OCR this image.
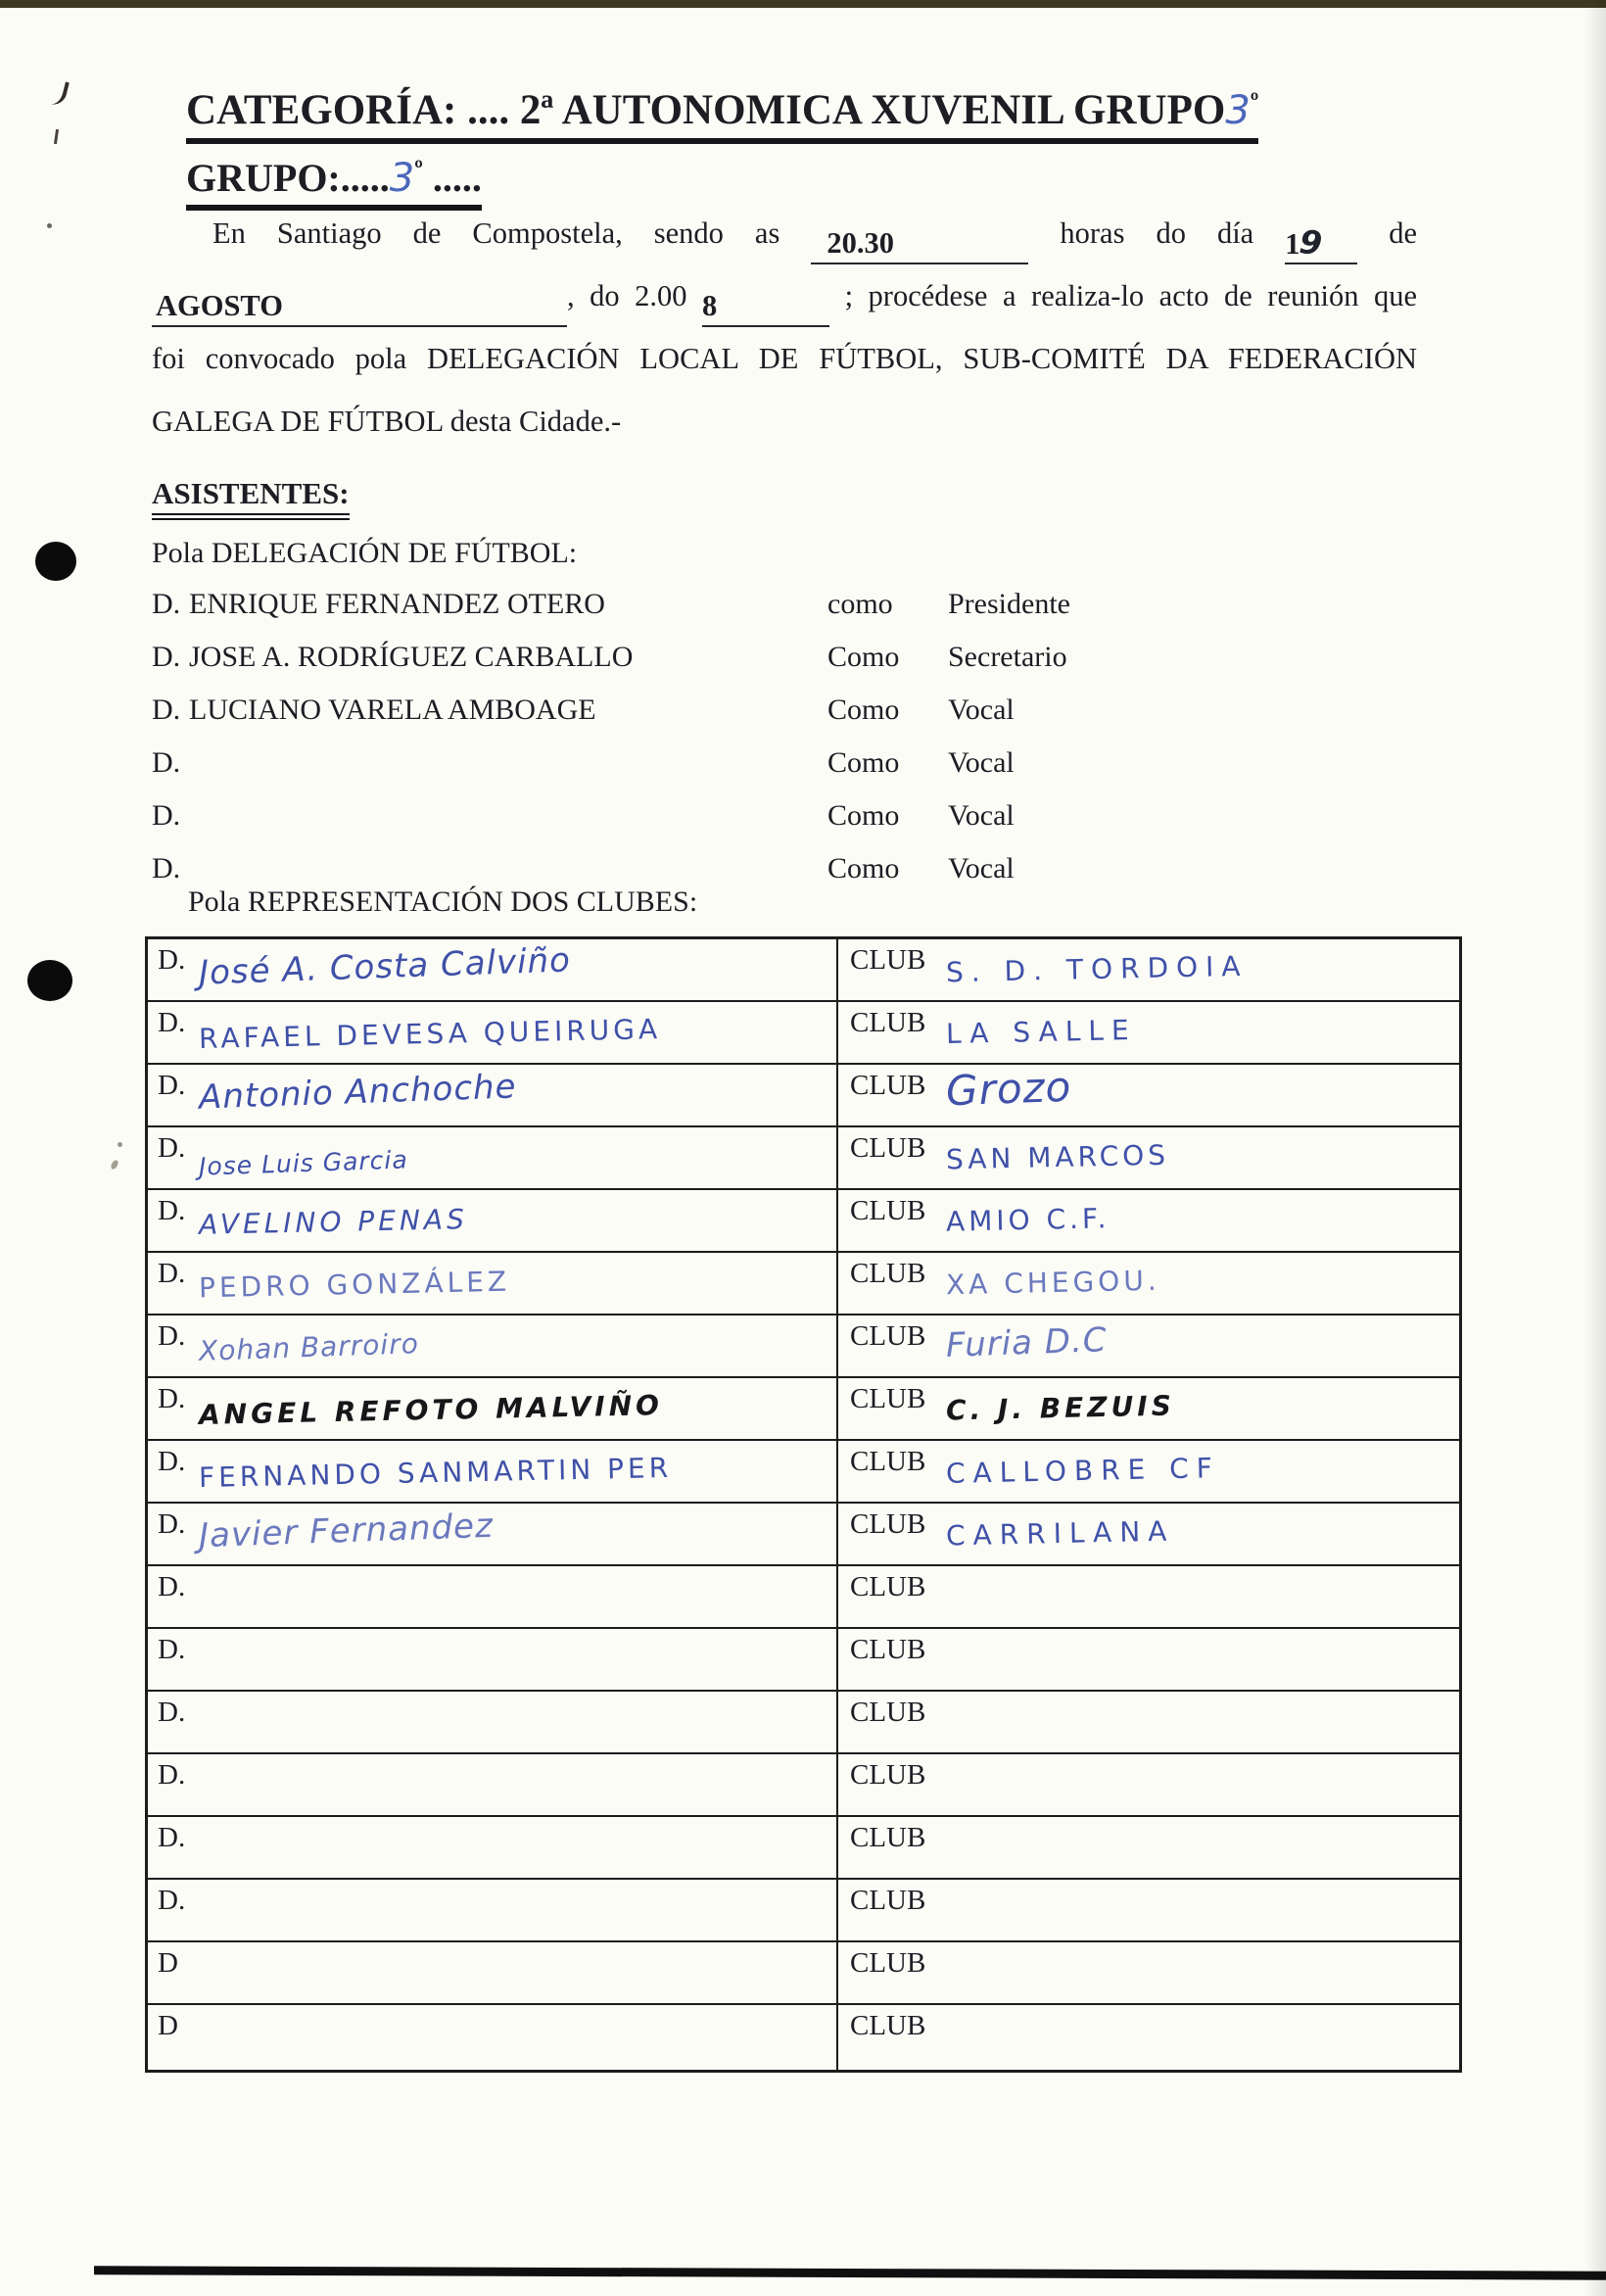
CATEGORÍA: .... 2ª AUTONOMICA XUVENIL $GRUPO3^º$
$GRUPO:.....3^º$ .....
En Santiago de Compostela, sendo as 20.30	horas do día 19 de
AGOSTO	, do 2.00 8	; procédese a realiza-lo acto de reunión que
foi convocado pola DELEGACIÓN LOCAL DE FÚTBOL, SUB-COMITÉ DA FEDERACIÓN
GALEGA DE FÚTBOL desta Cidade.-
ASISTENTES:
Pola DELEGACIÓN DE FÚTBOL:
D. ENRIQUE FERNANDEZ OTERO	como	Presidente
D. JOSE A. RODRÍGUEZ CARBALLO	Como	Secretario
D. LUCIANO VARELA AMBOAGE	Como	Vocal
D.	Como	Vocal
D.	Como	Vocal
D.	Como	Vocal
Pola REPRESENTACIÓN DOS CLUBES:
D. José A. Costa Calviño	CLUB S. D. TORDOIA
D. RAFAEL DEVESA QUEIRUGA	CLUB LA SALLE
D. Antonio Anchoche	CLUB Grozo
D. Jose Luis Garcia	CLUB SAN MARCOS
D. AVELINO PENAS	CLUB AMIO C.F.
D. PEDRO GONZÁLEZ	CLUB XA CHEGOU.
D. Xohan Barroiro	CLUB Furia D.C
D. ANGEL REFOTO MALVIÑO	CLUB C. J. BEZUIS
D. FERNANDO SANMARTIN PER	CLUB CALLOBRE CF
D. Javier Fernandez	CLUB CARRILANA
D.	CLUB
D.	CLUB
D.	CLUB
D.	CLUB
D.	CLUB
D.	CLUB
D	CLUB
D	CLUB
